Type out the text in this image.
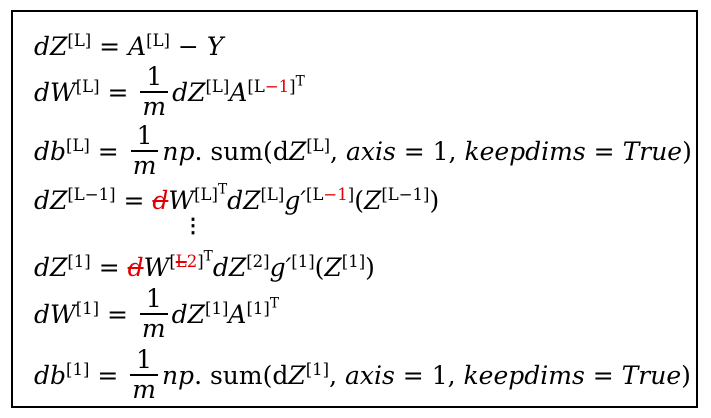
dZ[L] = A[L] − Y
$dW[L] = \frac{1}{m} dZ[L]A^{[L-1]^T}$
$db[L] = \frac{1}{m}$ np. sum(dZ[L], axis = 1, keepdims = True)
$dZ[L-1] = dW^{[L]^T}dZ[L]g'[L-1](Z[L-1])$
⋮
$dZ[1] = dW^{[L2]^T}dZ[2]g'[1](Z[1])$
$dW[1] = \frac{1}{m} dZ[1]A^{[1]^T}$
$db[1] = \frac{1}{m}$ np. sum(dZ[1], axis = 1, keepdims = True)
